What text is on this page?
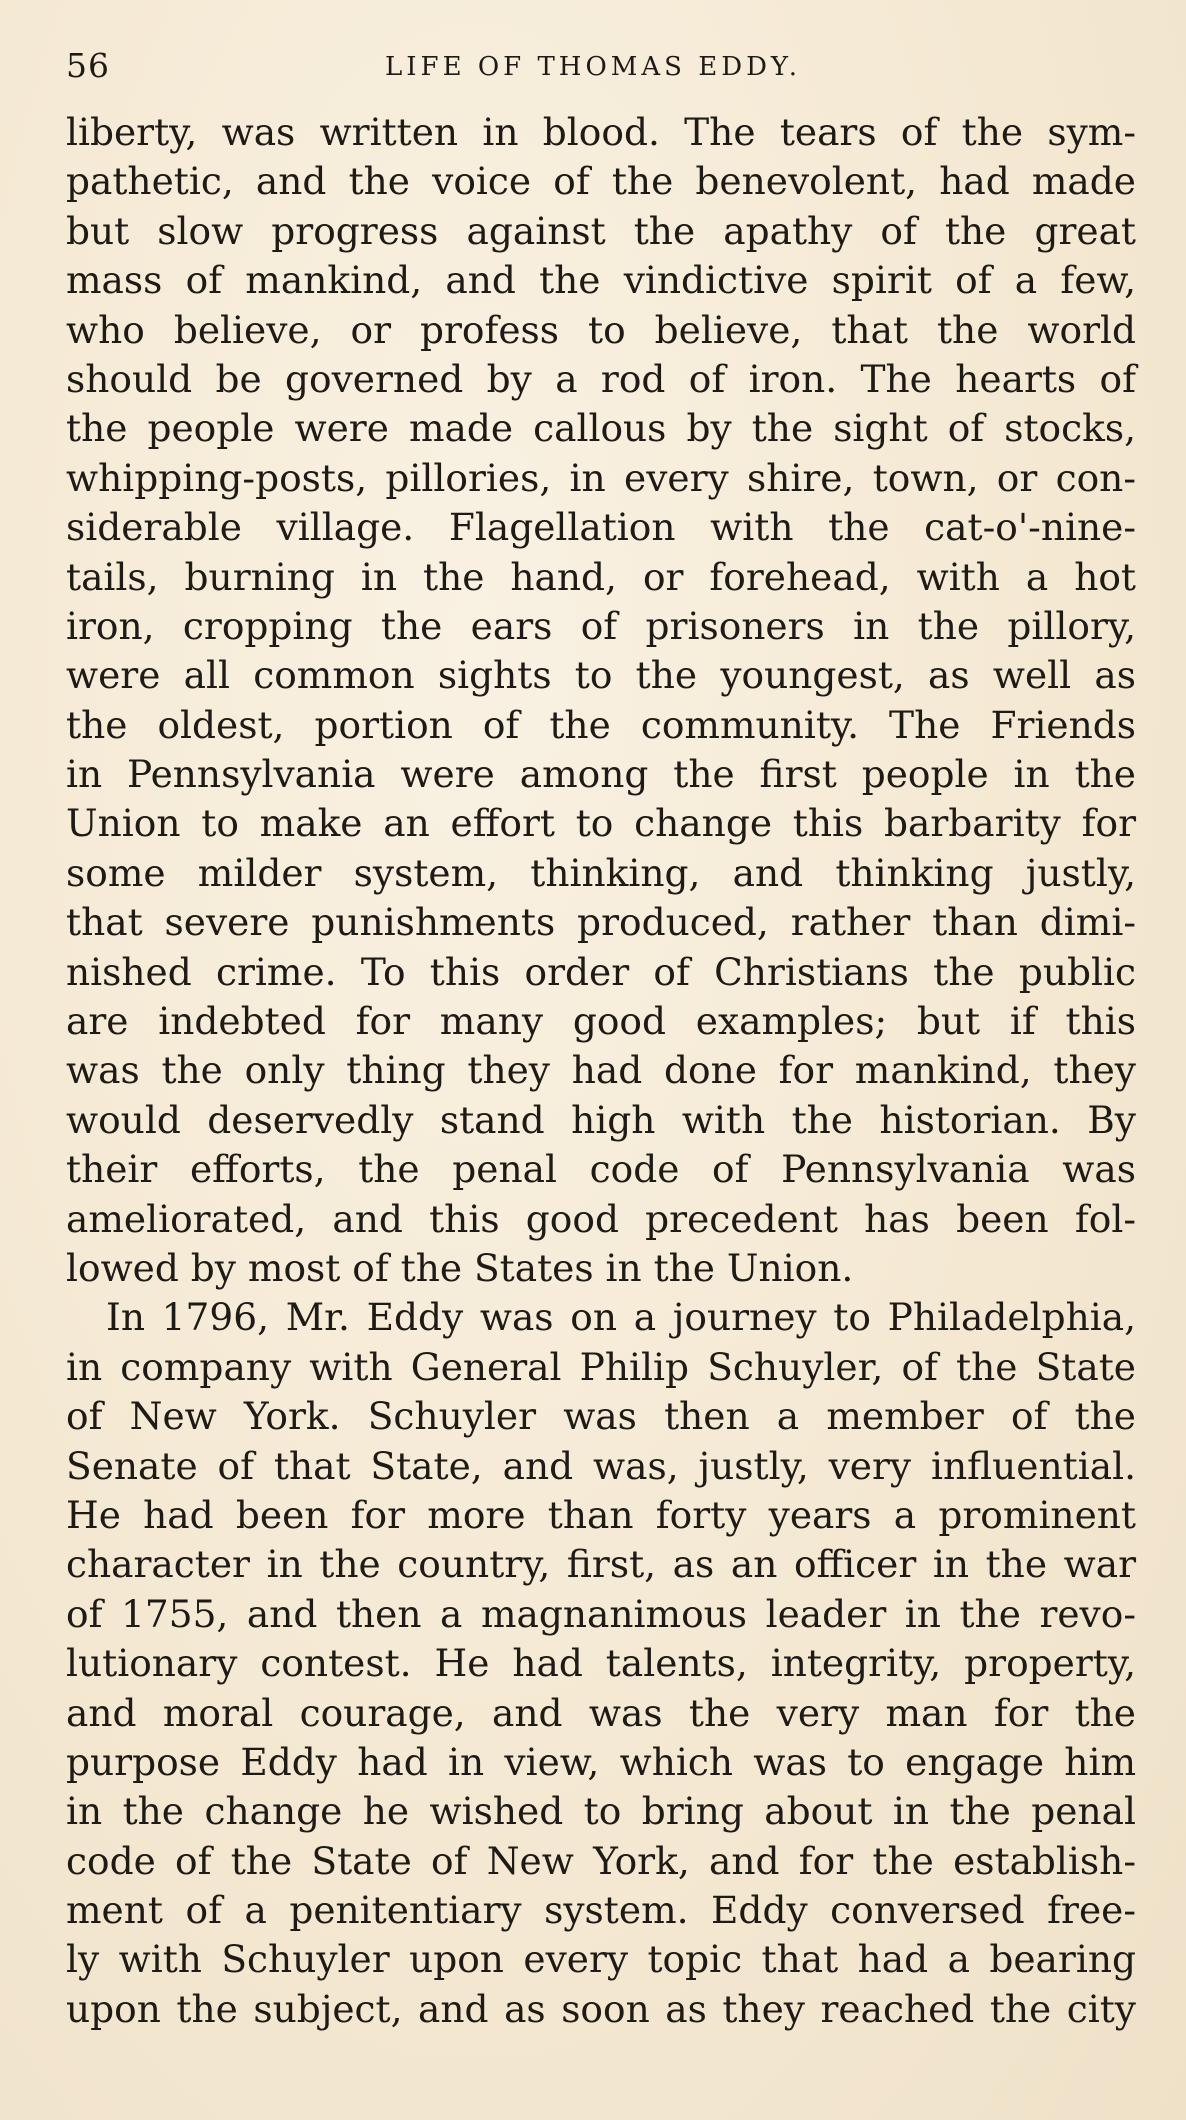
56	LIFE OF THOMAS EDDY.
liberty, was written in blood. The tears of the sym-
pathetic, and the voice of the benevolent, had made
but slow progress against the apathy of the great
mass of mankind, and the vindictive spirit of a few,
who believe, or profess to believe, that the world
should be governed by a rod of iron. The hearts of
the people were made callous by the sight of stocks,
whipping-posts, pillories, in every shire, town, or con-
siderable village. Flagellation with the cat-o'-nine-
tails, burning in the hand, or forehead, with a hot
iron, cropping the ears of prisoners in the pillory,
were all common sights to the youngest, as well as
the oldest, portion of the community. The Friends
in Pennsylvania were among the first people in the
Union to make an effort to change this barbarity for
some milder system, thinking, and thinking justly,
that severe punishments produced, rather than dimi-
nished crime. To this order of Christians the public
are indebted for many good examples; but if this
was the only thing they had done for mankind, they
would deservedly stand high with the historian. By
their efforts, the penal code of Pennsylvania was
ameliorated, and this good precedent has been fol-
lowed by most of the States in the Union.
In 1796, Mr. Eddy was on a journey to Philadelphia,
in company with General Philip Schuyler, of the State
of New York. Schuyler was then a member of the
Senate of that State, and was, justly, very influential.
He had been for more than forty years a prominent
character in the country, first, as an officer in the war
of 1755, and then a magnanimous leader in the revo-
lutionary contest. He had talents, integrity, property,
and moral courage, and was the very man for the
purpose Eddy had in view, which was to engage him
in the change he wished to bring about in the penal
code of the State of New York, and for the establish-
ment of a penitentiary system. Eddy conversed free-
ly with Schuyler upon every topic that had a bearing
upon the subject, and as soon as they reached the city
